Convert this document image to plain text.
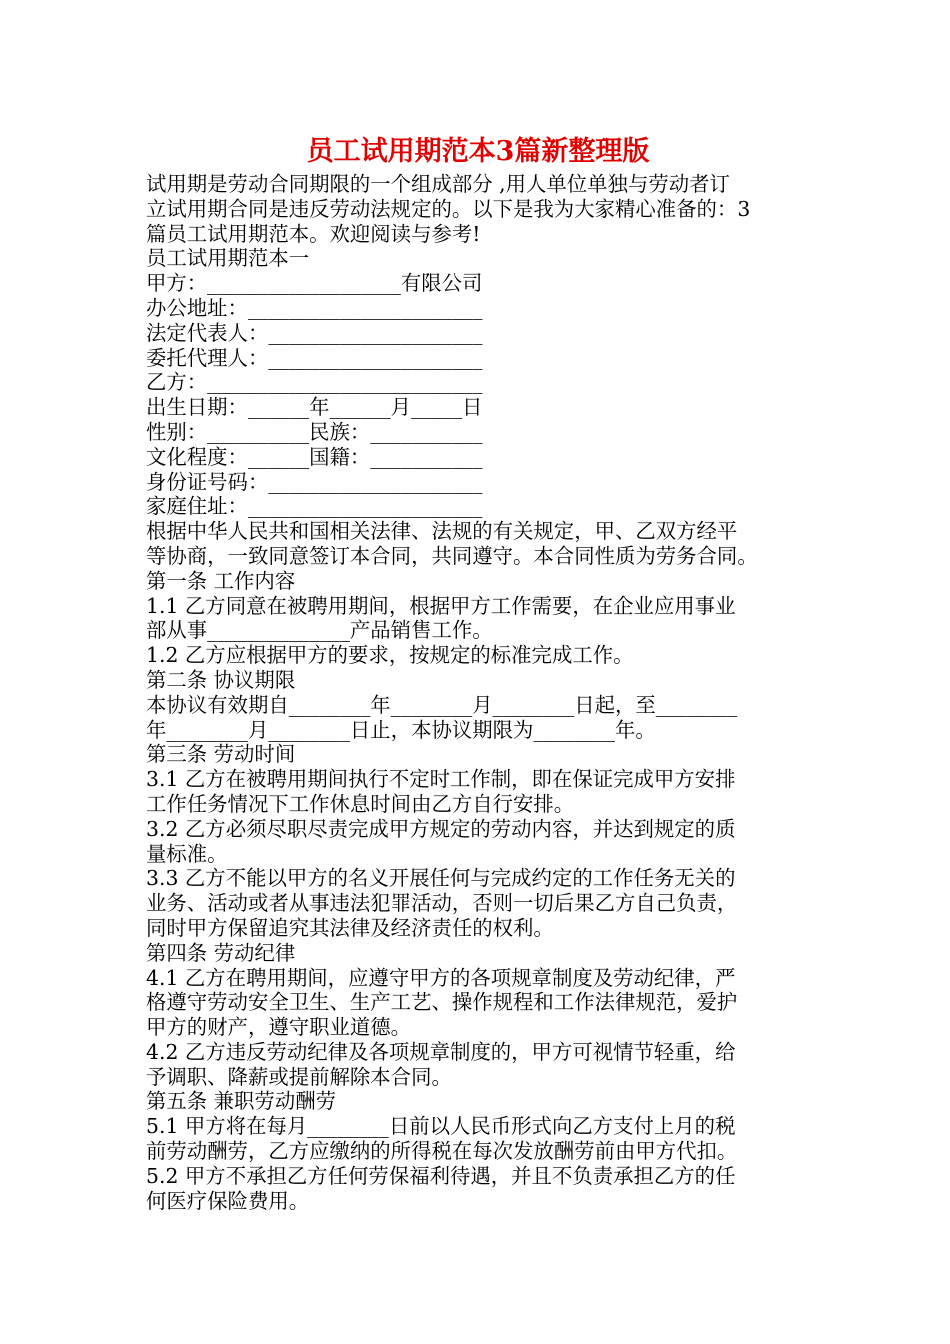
员工试用期范本3篇新整理版
试用期是劳动合同期限的一个组成部分 ,用人单位单独与劳动者订
立试用期合同是违反劳动法规定的。以下是我为大家精心准备的：3
篇员工试用期范本。欢迎阅读与参考!
员工试用期范本一
甲方：___________________有限公司
办公地址：_______________________
法定代表人：_____________________
委托代理人：_____________________
乙方：___________________________
出生日期：______年______月_____日
性别：__________民族：___________
文化程度：______国籍：___________
身份证号码：_____________________
家庭住址：_______________________
根据中华人民共和国相关法律、法规的有关规定，甲、乙双方经平
等协商，一致同意签订本合同，共同遵守。本合同性质为劳务合同。
第一条 工作内容
1.1 乙方同意在被聘用期间，根据甲方工作需要，在企业应用事业
部从事______________产品销售工作。
1.2 乙方应根据甲方的要求，按规定的标准完成工作。
第二条 协议期限
本协议有效期自________年________月________日起，至________
年________月________日止，本协议期限为________年。
第三条 劳动时间
3.1 乙方在被聘用期间执行不定时工作制，即在保证完成甲方安排
工作任务情况下工作休息时间由乙方自行安排。
3.2 乙方必须尽职尽责完成甲方规定的劳动内容，并达到规定的质
量标准。
3.3 乙方不能以甲方的名义开展任何与完成约定的工作任务无关的
业务、活动或者从事违法犯罪活动，否则一切后果乙方自己负责，
同时甲方保留追究其法律及经济责任的权利。
第四条 劳动纪律
4.1 乙方在聘用期间，应遵守甲方的各项规章制度及劳动纪律，严
格遵守劳动安全卫生、生产工艺、操作规程和工作法律规范，爱护
甲方的财产，遵守职业道德。
4.2 乙方违反劳动纪律及各项规章制度的，甲方可视情节轻重，给
予调职、降薪或提前解除本合同。
第五条 兼职劳动酬劳
5.1 甲方将在每月________日前以人民币形式向乙方支付上月的税
前劳动酬劳，乙方应缴纳的所得税在每次发放酬劳前由甲方代扣。
5.2 甲方不承担乙方任何劳保福利待遇，并且不负责承担乙方的任
何医疗保险费用。
